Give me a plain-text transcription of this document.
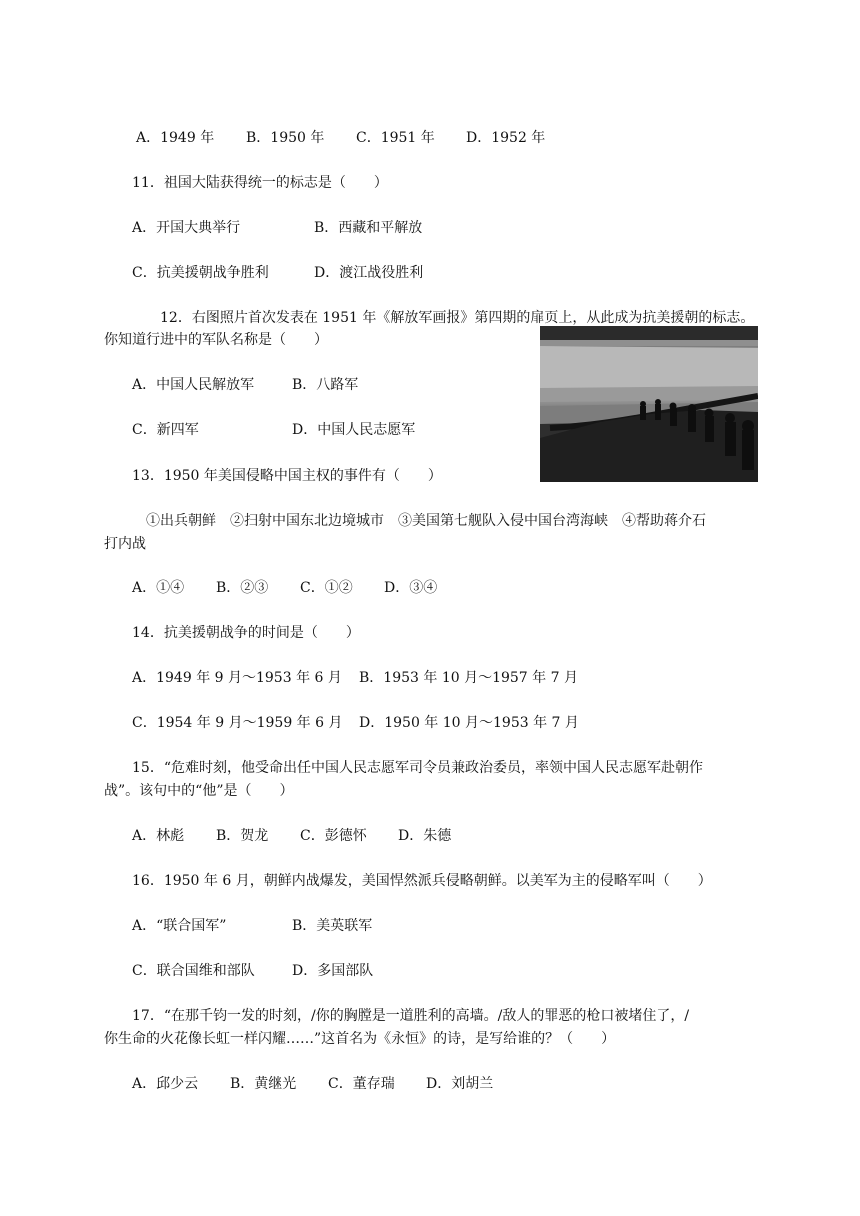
A．1949 年 B．1950 年 C．1951 年 D．1952 年
11．祖国大陆获得统一的标志是（　　）
A．开国大典举行	B．西藏和平解放
C．抗美援朝战争胜利	D．渡江战役胜利
12．右图照片首次发表在 1951 年《解放军画报》第四期的扉页上，从此成为抗美援朝的标志。
你知道行进中的军队名称是（　　）
A．中国人民解放军	B．八路军
C．新四军	D．中国人民志愿军
13．1950 年美国侵略中国主权的事件有（　　）
①出兵朝鲜　②扫射中国东北边境城市　③美国第七舰队入侵中国台湾海峡　④帮助蒋介石
打内战
A．①④ B．②③ C．①② D．③④
14．抗美援朝战争的时间是（　　）
A．1949 年 9 月～1953 年 6 月 B．1953 年 10 月～1957 年 7 月
C．1954 年 9 月～1959 年 6 月 D．1950 年 10 月～1953 年 7 月
15．“危难时刻，他受命出任中国人民志愿军司令员兼政治委员，率领中国人民志愿军赴朝作
战”。该句中的“他”是（　　）
A．林彪 B．贺龙 C．彭德怀 D．朱德
16．1950 年 6 月，朝鲜内战爆发，美国悍然派兵侵略朝鲜。以美军为主的侵略军叫（　　）
A．“联合国军”	B．美英联军
C．联合国维和部队	D．多国部队
17．“在那千钧一发的时刻，/你的胸膛是一道胜利的高墙。/敌人的罪恶的枪口被堵住了，/
你生命的火花像长虹一样闪耀……”这首名为《永恒》的诗，是写给谁的？（　　）
A．邱少云 B．黄继光 C．董存瑞 D．刘胡兰
